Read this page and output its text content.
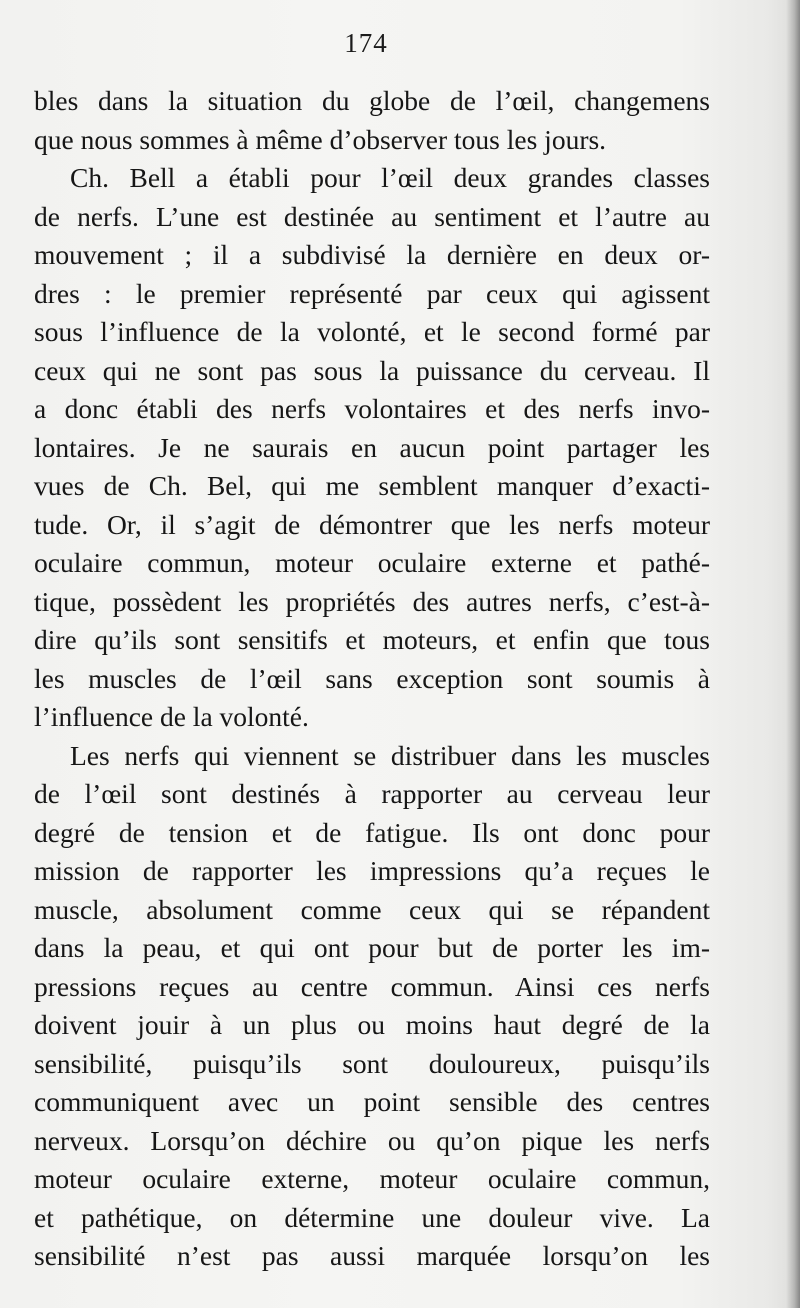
174
bles dans la situation du globe de l’œil, changemens
que nous sommes à même d’observer tous les jours.
Ch. Bell a établi pour l’œil deux grandes classes
de nerfs. L’une est destinée au sentiment et l’autre au
mouvement ; il a subdivisé la dernière en deux or-
dres : le premier représenté par ceux qui agissent
sous l’influence de la volonté, et le second formé par
ceux qui ne sont pas sous la puissance du cerveau. Il
a donc établi des nerfs volontaires et des nerfs invo-
lontaires. Je ne saurais en aucun point partager les
vues de Ch. Bel, qui me semblent manquer d’exacti-
tude. Or, il s’agit de démontrer que les nerfs moteur
oculaire commun, moteur oculaire externe et pathé-
tique, possèdent les propriétés des autres nerfs, c’est-à-
dire qu’ils sont sensitifs et moteurs, et enfin que tous
les muscles de l’œil sans exception sont soumis à
l’influence de la volonté.
Les nerfs qui viennent se distribuer dans les muscles
de l’œil sont destinés à rapporter au cerveau leur
degré de tension et de fatigue. Ils ont donc pour
mission de rapporter les impressions qu’a reçues le
muscle, absolument comme ceux qui se répandent
dans la peau, et qui ont pour but de porter les im-
pressions reçues au centre commun. Ainsi ces nerfs
doivent jouir à un plus ou moins haut degré de la
sensibilité, puisqu’ils sont douloureux, puisqu’ils
communiquent avec un point sensible des centres
nerveux. Lorsqu’on déchire ou qu’on pique les nerfs
moteur oculaire externe, moteur oculaire commun,
et pathétique, on détermine une douleur vive. La
sensibilité n’est pas aussi marquée lorsqu’on les
